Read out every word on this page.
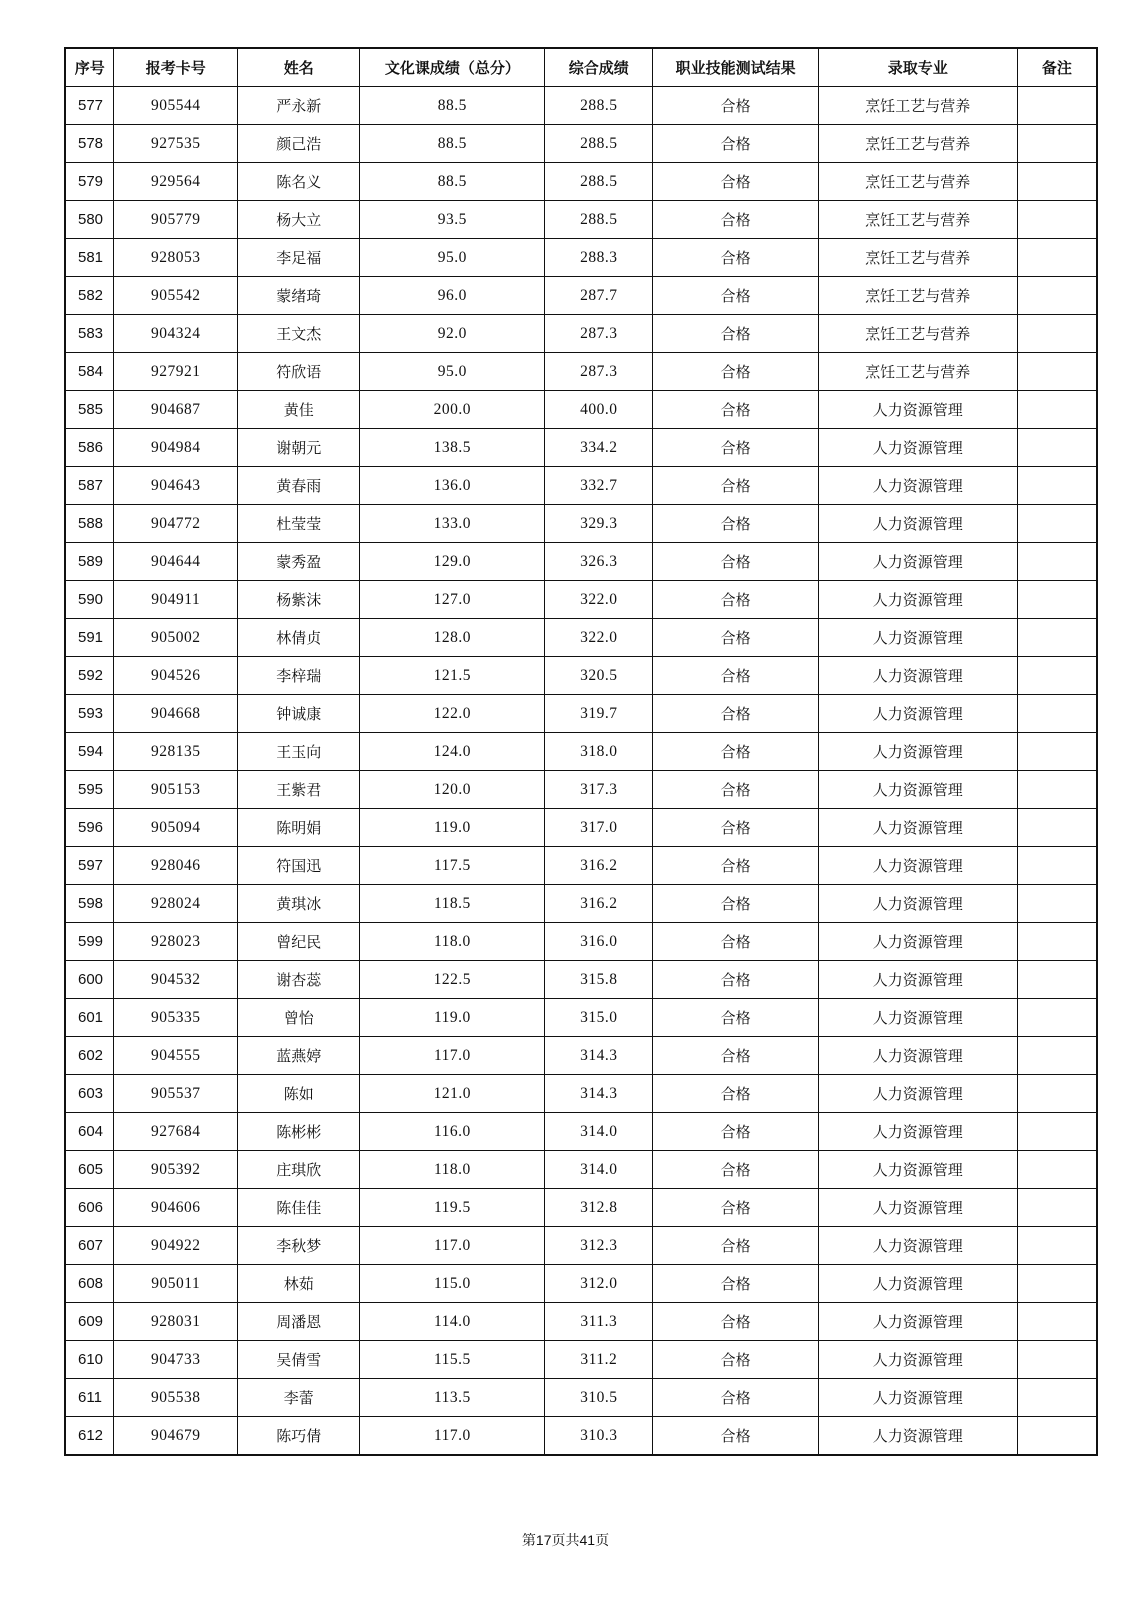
序号	报考卡号	姓名	文化课成绩（总分）	综合成绩	职业技能测试结果	录取专业	备注
577	905544	严永新	88.5	288.5	合格	烹饪工艺与营养	
578	927535	颜己浩	88.5	288.5	合格	烹饪工艺与营养	
579	929564	陈名义	88.5	288.5	合格	烹饪工艺与营养	
580	905779	杨大立	93.5	288.5	合格	烹饪工艺与营养	
581	928053	李足福	95.0	288.3	合格	烹饪工艺与营养	
582	905542	蒙绪琦	96.0	287.7	合格	烹饪工艺与营养	
583	904324	王文杰	92.0	287.3	合格	烹饪工艺与营养	
584	927921	符欣语	95.0	287.3	合格	烹饪工艺与营养	
585	904687	黄佳	200.0	400.0	合格	人力资源管理	
586	904984	谢朝元	138.5	334.2	合格	人力资源管理	
587	904643	黄春雨	136.0	332.7	合格	人力资源管理	
588	904772	杜莹莹	133.0	329.3	合格	人力资源管理	
589	904644	蒙秀盈	129.0	326.3	合格	人力资源管理	
590	904911	杨紫沫	127.0	322.0	合格	人力资源管理	
591	905002	林倩贞	128.0	322.0	合格	人力资源管理	
592	904526	李梓瑞	121.5	320.5	合格	人力资源管理	
593	904668	钟诚康	122.0	319.7	合格	人力资源管理	
594	928135	王玉向	124.0	318.0	合格	人力资源管理	
595	905153	王紫君	120.0	317.3	合格	人力资源管理	
596	905094	陈明娟	119.0	317.0	合格	人力资源管理	
597	928046	符国迅	117.5	316.2	合格	人力资源管理	
598	928024	黄琪冰	118.5	316.2	合格	人力资源管理	
599	928023	曾纪民	118.0	316.0	合格	人力资源管理	
600	904532	谢杏蕊	122.5	315.8	合格	人力资源管理	
601	905335	曾怡	119.0	315.0	合格	人力资源管理	
602	904555	蓝燕婷	117.0	314.3	合格	人力资源管理	
603	905537	陈如	121.0	314.3	合格	人力资源管理	
604	927684	陈彬彬	116.0	314.0	合格	人力资源管理	
605	905392	庄琪欣	118.0	314.0	合格	人力资源管理	
606	904606	陈佳佳	119.5	312.8	合格	人力资源管理	
607	904922	李秋梦	117.0	312.3	合格	人力资源管理	
608	905011	林茹	115.0	312.0	合格	人力资源管理	
609	928031	周潘恩	114.0	311.3	合格	人力资源管理	
610	904733	吴倩雪	115.5	311.2	合格	人力资源管理	
611	905538	李蕾	113.5	310.5	合格	人力资源管理	
612	904679	陈巧倩	117.0	310.3	合格	人力资源管理	
第17页共41页
